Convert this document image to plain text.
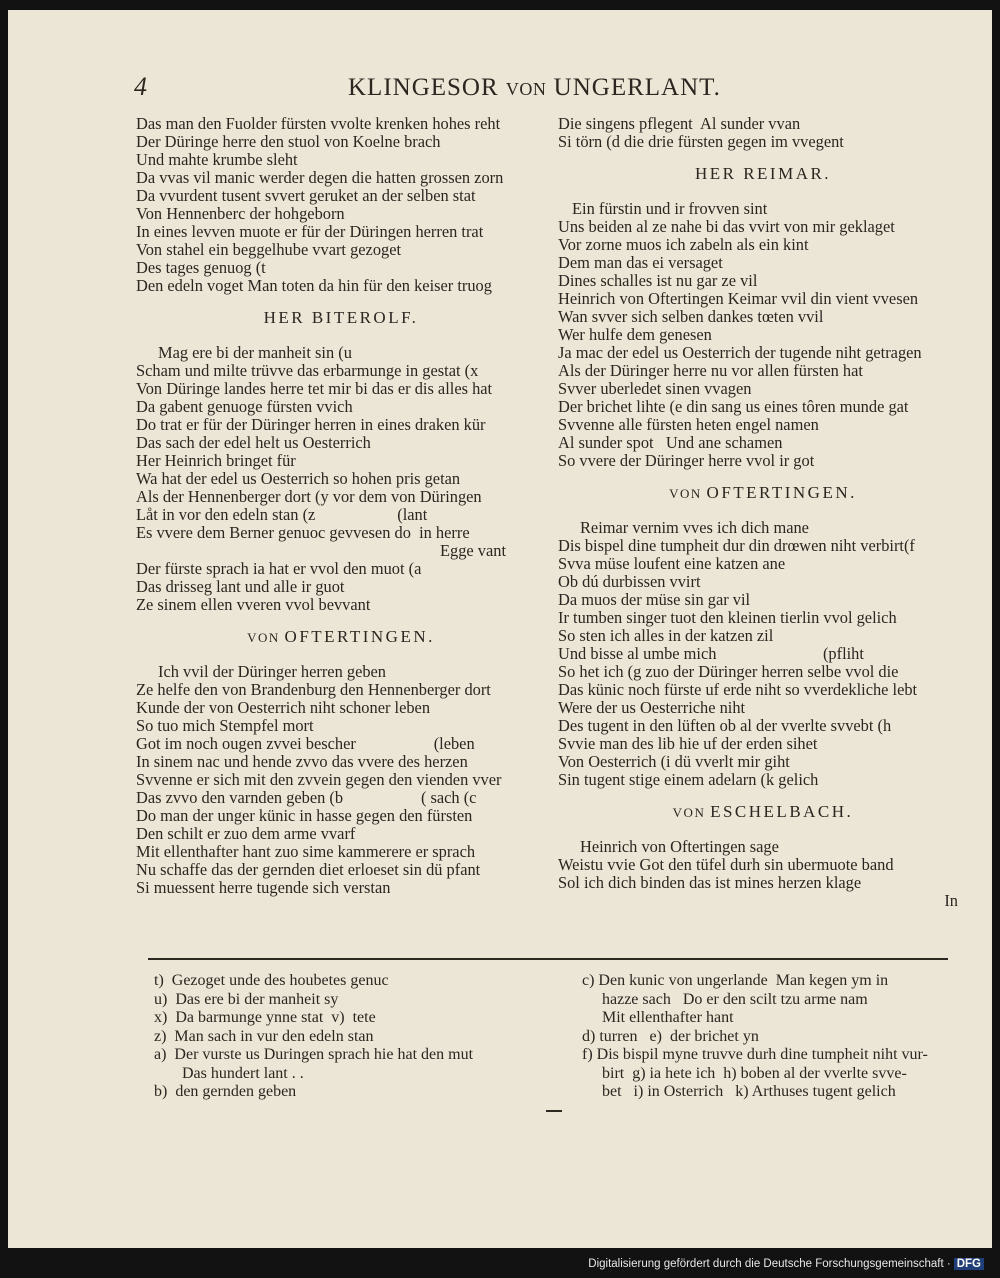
4	KLINGESOR VON UNGERLANT.
Das man den Fuolder fürsten vvolte krenken hohes reht
Der Düringe herre den stuol von Koelne brach
Und mahte krumbe sleht
Da vvas vil manic werder degen die hatten grossen zorn
Da vvurdent tusent svvert geruket an der selben stat
Von Hennenberc der hohgeborn
In eines levven muote er für der Düringen herren trat
Von stahel ein beggelhube vvart gezoget
Des tages genuog (t
Den edeln voget Man toten da hin für den keiser truog
HER BITEROLF.
Mag ere bi der manheit sin (u
Scham und milte trüvve das erbarmunge in gestat (x
Von Düringe landes herre tet mir bi das er dis alles hat
Da gabent genuoge fürsten vvich
Do trat er für der Düringer herren in eines draken kür
Das sach der edel helt us Oesterrich
Her Heinrich bringet für
Wa hat der edel us Oesterrich so hohen pris getan
Als der Hennenberger dort (y vor dem von Düringen
Låt in vor den edeln stan (z                    (lant
Es vvere dem Berner genuoc gevvesen do  in herre
Egge vant
Der fürste sprach ia hat er vvol den muot (a
Das drisseg lant und alle ir guot
Ze sinem ellen vveren vvol bevvant
VON OFTERTINGEN.
Ich vvil der Düringer herren geben
Ze helfe den von Brandenburg den Hennenberger dort
Kunde der von Oesterrich niht schoner leben
So tuo mich Stempfel mort
Got im noch ougen zvvei bescher                   (leben
In sinem nac und hende zvvo das vvere des herzen
Svvenne er sich mit den zvvein gegen den vienden vver
Das zvvo den varnden geben (b                   ( sach (c
Do man der unger künic in hasse gegen den fürsten
Den schilt er zuo dem arme vvarf
Mit ellenthafter hant zuo sime kammerere er sprach
Nu schaffe das der gernden diet erloeset sin dü pfant
Si muessent herre tugende sich verstan
Die singens pflegent  Al sunder vvan
Si törn (d die drie fürsten gegen im vvegent
HER REIMAR.
Ein fürstin und ir frovven sint
Uns beiden al ze nahe bi das vvirt von mir geklaget
Vor zorne muos ich zabeln als ein kint
Dem man das ei versaget
Dines schalles ist nu gar ze vil
Heinrich von Oftertingen Keimar vvil din vient vvesen
Wan svver sich selben dankes tœten vvil
Wer hulfe dem genesen
Ja mac der edel us Oesterrich der tugende niht getragen
Als der Düringer herre nu vor allen fürsten hat
Svver uberledet sinen vvagen
Der brichet lihte (e din sang us eines tôren munde gat
Svvenne alle fürsten heten engel namen
Al sunder spot   Und ane schamen
So vvere der Düringer herre vvol ir got
VON OFTERTINGEN.
Reimar vernim vves ich dich mane
Dis bispel dine tumpheit dur din drœwen niht verbirt(f
Svva müse loufent eine katzen ane
Ob dú durbissen vvirt
Da muos der müse sin gar vil
Ir tumben singer tuot den kleinen tierlin vvol gelich
So sten ich alles in der katzen zil
Und bisse al umbe mich                          (pfliht
So het ich (g zuo der Düringer herren selbe vvol die
Das künic noch fürste uf erde niht so vverdekliche lebt
Were der us Oesterriche niht
Des tugent in den lüften ob al der vverlte svvebt (h
Svvie man des lib hie uf der erden sihet
Von Oesterrich (i dü vverlt mir giht
Sin tugent stige einem adelarn (k gelich
VON ESCHELBACH.
Heinrich von Oftertingen sage
Weistu vvie Got den tüfel durh sin ubermuote band
Sol ich dich binden das ist mines herzen klage
In
t)  Gezoget unde des houbetes genuc
u)  Das ere bi der manheit sy
x)  Da barmunge ynne stat  v)  tete
z)  Man sach in vur den edeln stan
a)  Der vurste us Duringen sprach hie hat den mut
Das hundert lant . .
b)  den gernden geben
c) Den kunic von ungerlande  Man kegen ym in
hazze sach   Do er den scilt tzu arme nam
Mit ellenthafter hant
d) turren   e)  der brichet yn
f) Dis bispil myne truvve durh dine tumpheit niht vur-
birt  g) ia hete ich  h) boben al der vverlte svve-
bet   i) in Osterrich   k) Arthuses tugent gelich
Digitalisierung gefördert durch die Deutsche Forschungsgemeinschaft · DFG
